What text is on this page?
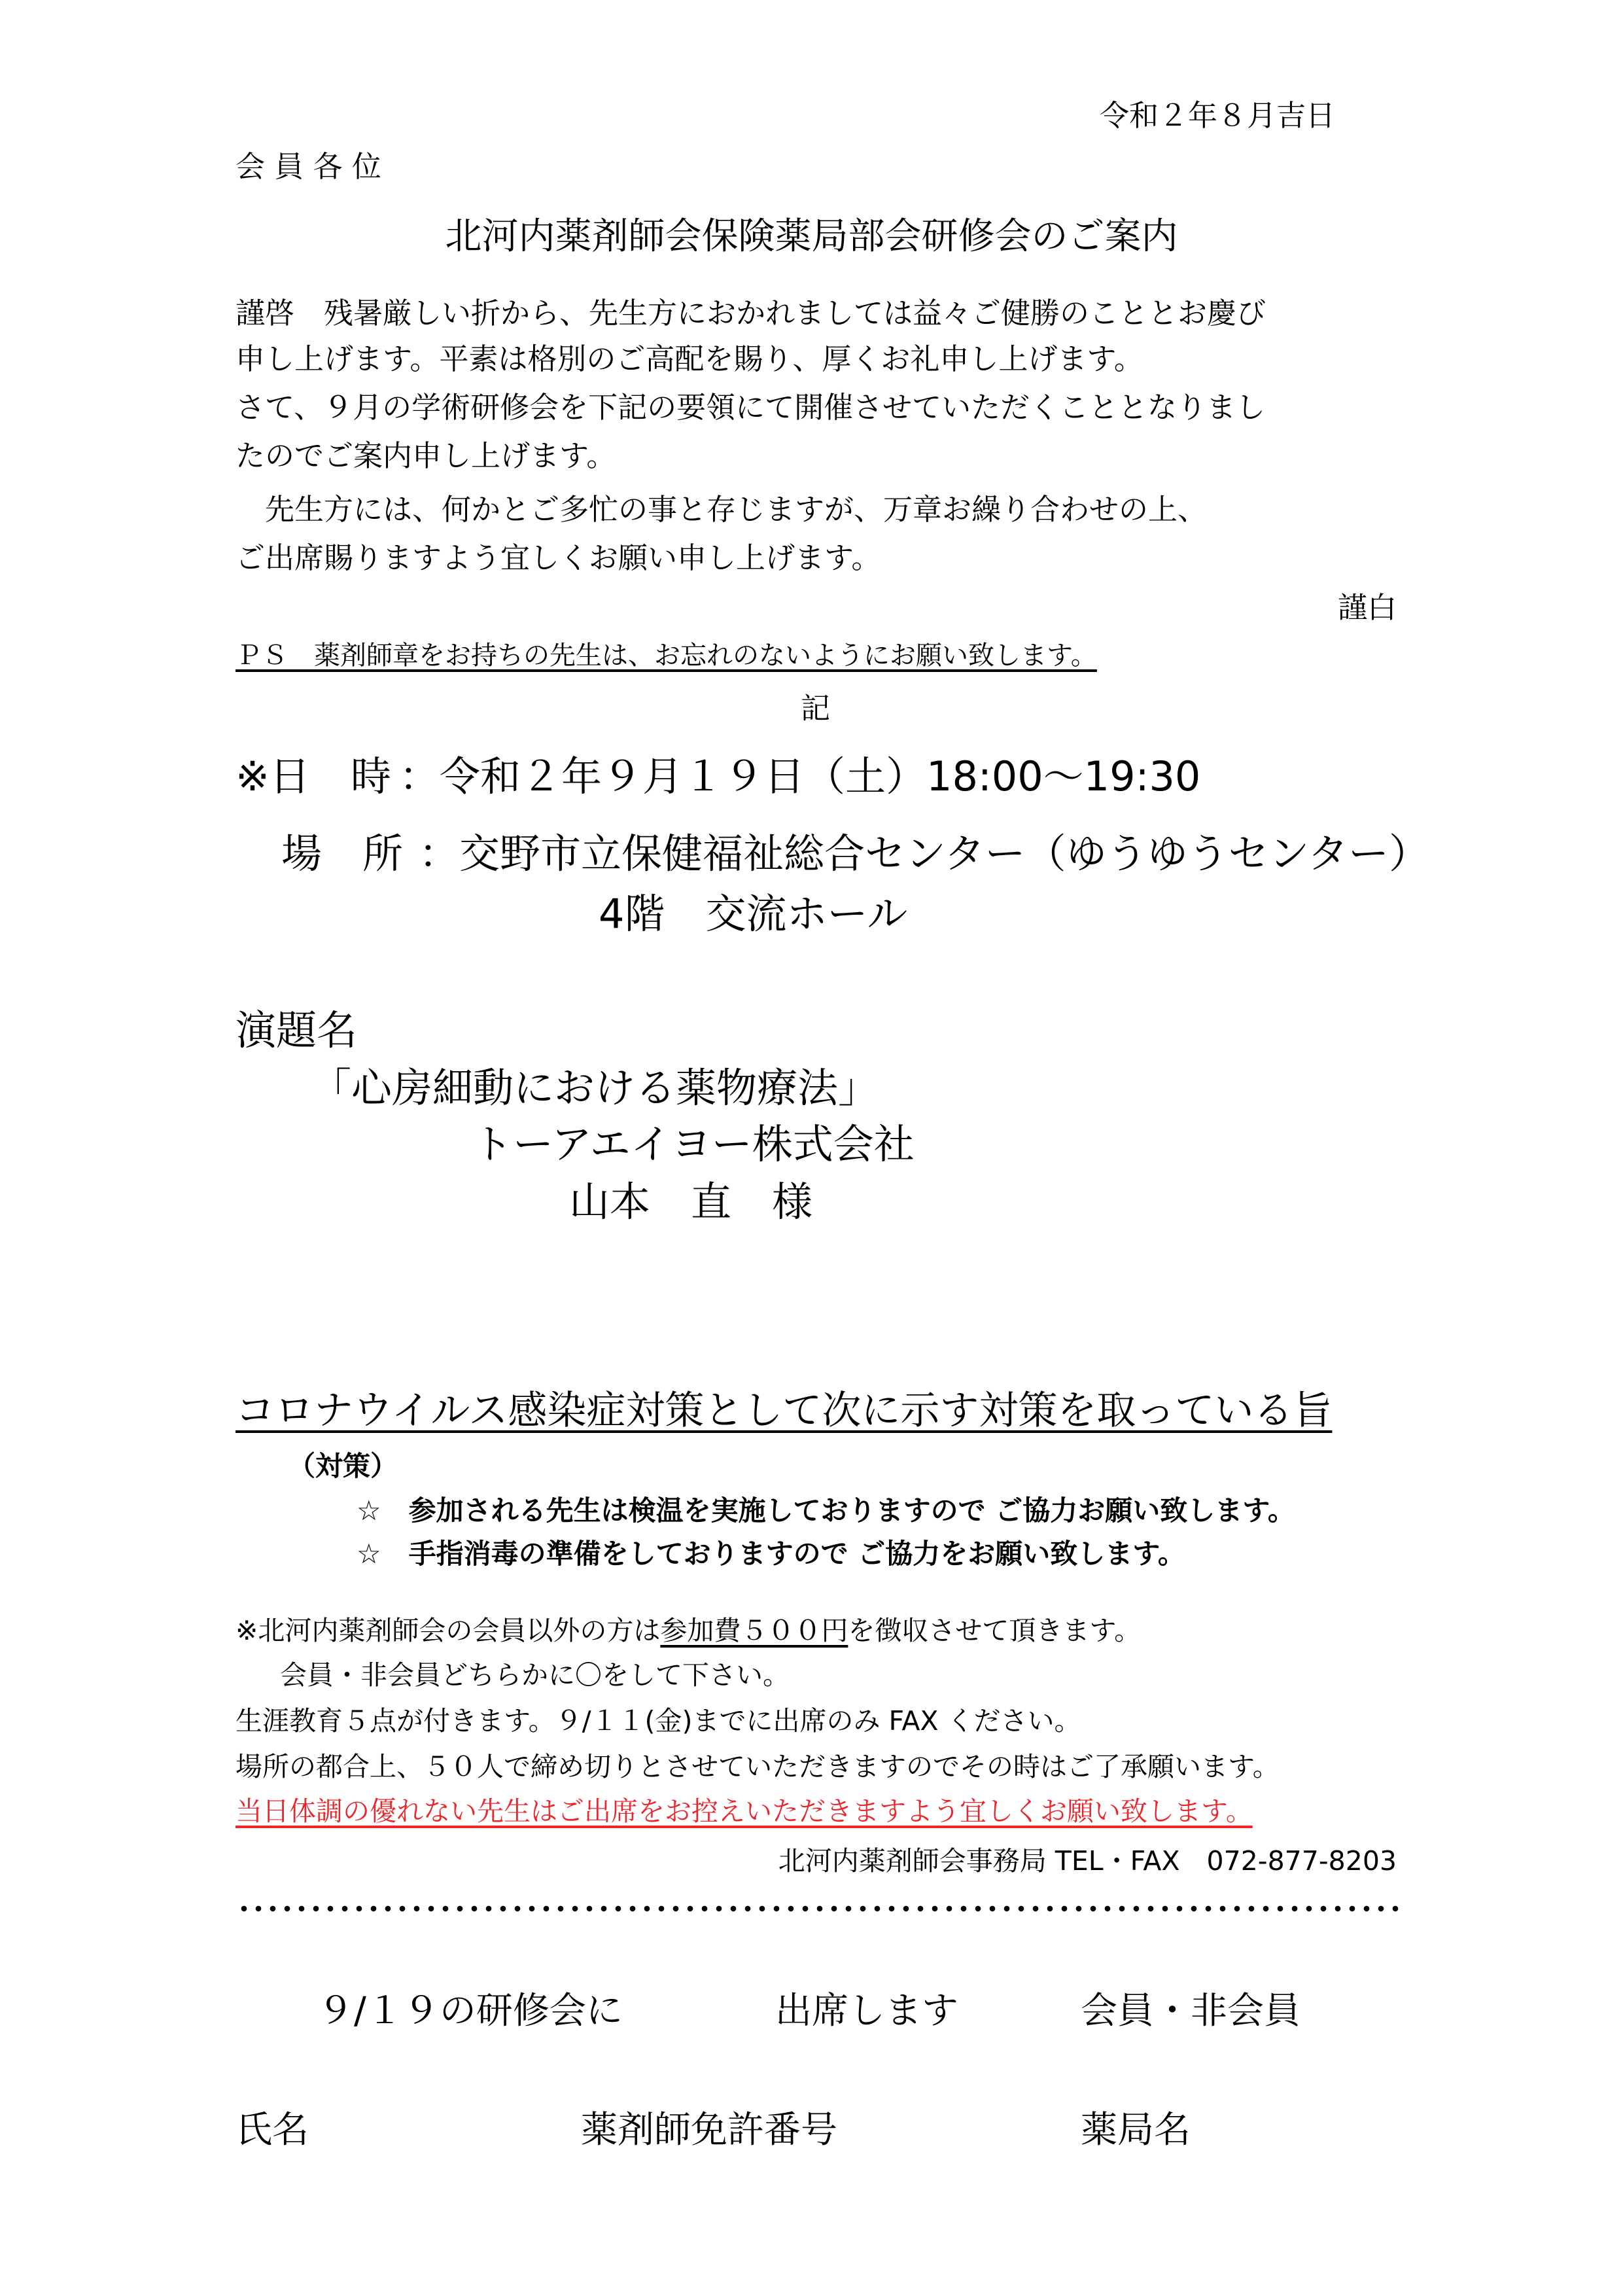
令和２年８月吉日
会 員 各 位
北河内薬剤師会保険薬局部会研修会のご案内
謹啓　残暑厳しい折から、先生方におかれましては益々ご健勝のこととお慶び
申し上げます。平素は格別のご高配を賜り、厚くお礼申し上げます。
さて、９月の学術研修会を下記の要領にて開催させていただくこととなりまし
たのでご案内申し上げます。
　先生方には、何かとご多忙の事と存じますが、万章お繰り合わせの上、
ご出席賜りますよう宜しくお願い申し上げます。
謹白
ＰＳ　薬剤師章をお持ちの先生は、お忘れのないようにお願い致します。
記
※日　時 ：令和２年９月１９日（土）18:00～19:30
場　所 ：交野市立保健福祉総合センター（ゆうゆうセンター）
4階　交流ホール
演題名
「心房細動における薬物療法」
トーアエイヨー株式会社
山本　直　様
コロナウイルス感染症対策として次に示す対策を取っている旨
（対策）
☆　参加される先生は検温を実施しておりますので ご協力お願い致します。
☆　手指消毒の準備をしておりますので ご協力をお願い致します。
※北河内薬剤師会の会員以外の方は参加費５００円を徴収させて頂きます。
会員・非会員どちらかに〇をして下さい。
生涯教育５点が付きます。９/１１(金)までに出席のみ FAX ください。
場所の都合上、５０人で締め切りとさせていただきますのでその時はご了承願います。
当日体調の優れない先生はご出席をお控えいただきますよう宜しくお願い致します。
北河内薬剤師会事務局 TEL・FAX　072-877-8203
９/１９の研修会に	出席します	会員・非会員
氏名	薬剤師免許番号	薬局名
